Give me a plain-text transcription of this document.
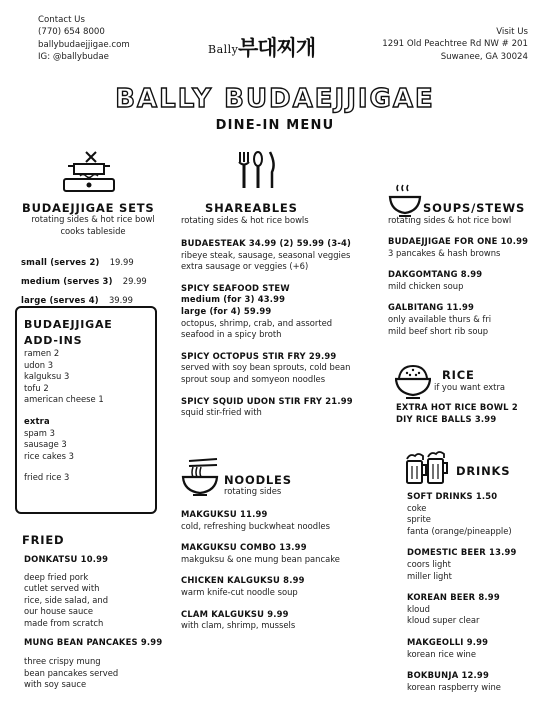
Contact Us
(770) 654 8000
ballybudaejjigae.com
IG: @ballybudae
Bally 부대찌개
Visit Us
1291 Old Peachtree Rd NW # 201
Suwanee, GA 30024
BALLY BUDAEJJIGAE
DINE-IN MENU
BUDAEJJIGAE SETS
rotating sides & hot rice bowl
cooks tableside
small (serves 2) 19.99
medium (serves 3) 29.99
large (serves 4) 39.99
BUDAEJJIGAE
ADD-INS
ramen 2
udon 3
kalguksu 3
tofu 2
american cheese 1
extra
spam 3
sausage 3
rice cakes 3
fried rice 3
FRIED
DONKATSU 10.99
deep fried pork
cutlet served with
rice, side salad, and
our house sauce
made from scratch
MUNG BEAN PANCAKES 9.99
three crispy mung
bean pancakes served
with soy sauce
SHAREABLES
rotating sides & hot rice bowls
BUDAESTEAK 34.99 (2) 59.99 (3-4)
ribeye steak, sausage, seasonal veggies
extra sausage or veggies (+6)
SPICY SEAFOOD STEW
medium (for 3) 43.99
large (for 4) 59.99
octopus, shrimp, crab, and assorted
seafood in a spicy broth
SPICY OCTOPUS STIR FRY 29.99
served with soy bean sprouts, cold bean
sprout soup and somyeon noodles
SPICY SQUID UDON STIR FRY 21.99
squid stir-fried with
NOODLES
rotating sides
MAKGUKSU 11.99
cold, refreshing buckwheat noodles
MAKGUKSU COMBO 13.99
makguksu & one mung bean pancake
CHICKEN KALGUKSU 8.99
warm knife-cut noodle soup
CLAM KALGUKSU 9.99
with clam, shrimp, mussels
SOUPS/STEWS
rotating sides & hot rice bowl
BUDAEJJIGAE FOR ONE 10.99
3 pancakes & hash browns
DAKGOMTANG 8.99
mild chicken soup
GALBITANG 11.99
only available thurs & fri
mild beef short rib soup
RICE
if you want extra
EXTRA HOT RICE BOWL 2
DIY RICE BALLS 3.99
DRINKS
SOFT DRINKS 1.50
coke
sprite
fanta (orange/pineapple)
DOMESTIC BEER 13.99
coors light
miller light
KOREAN BEER 8.99
kloud
kloud super clear
MAKGEOLLI 9.99
korean rice wine
BOKBUNJA 12.99
korean raspberry wine
